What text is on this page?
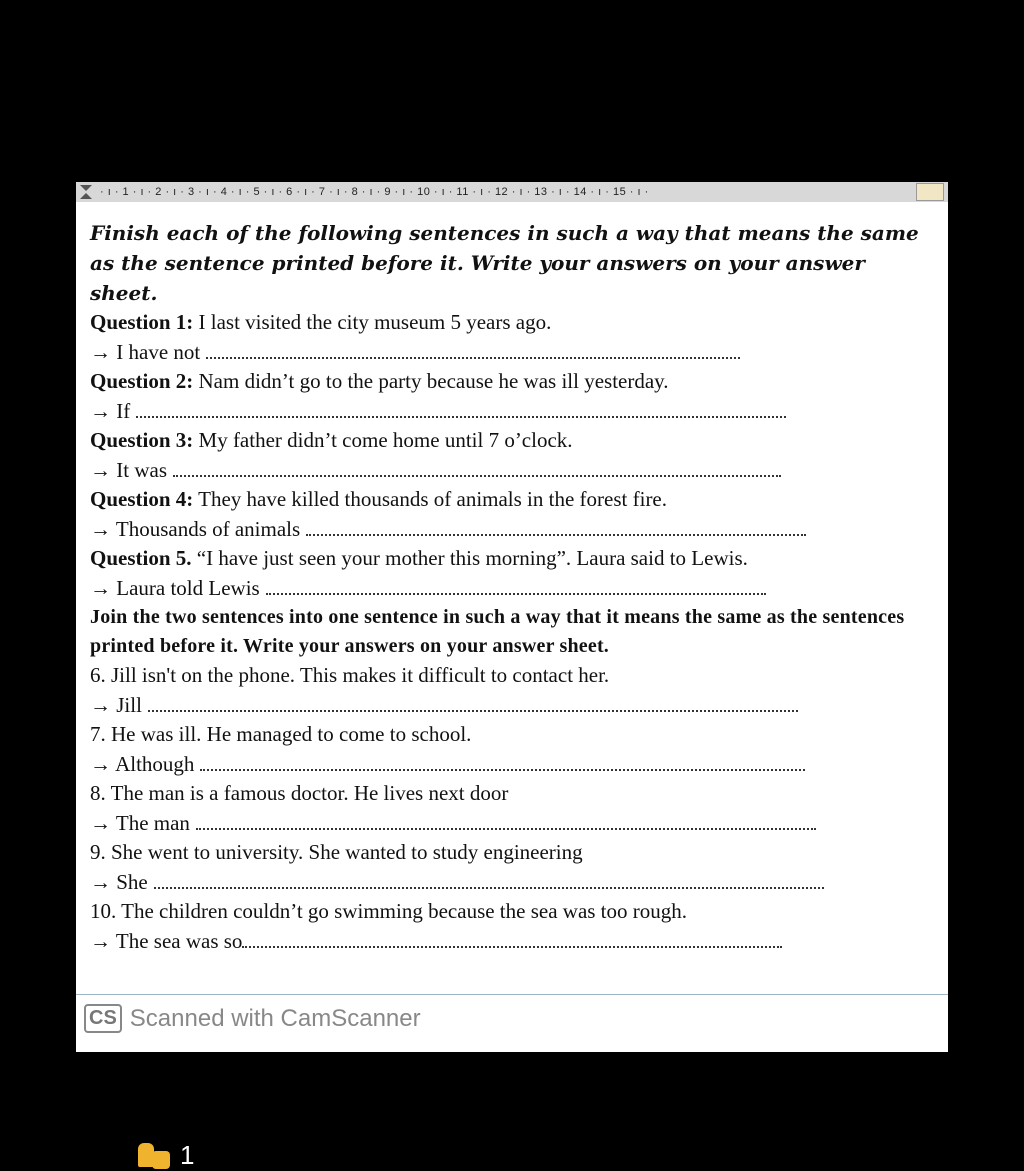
· ı · 1 · ı · 2 · ı · 3 · ı · 4 · ı · 5 · ı · 6 · ı · 7 · ı · 8 · ı · 9 · ı · 10 · ı · 11 · ı · 12 · ı · 13 · ı · 14 · ı · 15 · ı ·

Finish each of the following sentences in such a way that means the same as the sentence printed before it. Write your answers on your answer sheet.

Question 1: I last visited the city museum 5 years ago.

→ I have not

Question 2: Nam didn’t go to the party because he was ill yesterday.

→ If

Question 3: My father didn’t come home until 7 o’clock.

→ It was

Question 4: They have killed thousands of animals in the forest fire.

→ Thousands of animals

Question 5. “I have just seen your mother this morning”. Laura said to Lewis.

→ Laura told Lewis

Join the two sentences into one sentence in such a way that it means the same as the sentences printed before it. Write your answers on your answer sheet.

6. Jill isn't on the phone. This makes it difficult to contact her.

→ Jill

7. He was ill. He managed to come to school.

→ Although

8. The man is a famous doctor. He lives next door

→ The man

9. She went to university. She wanted to study engineering

→ She

10. The children couldn’t go swimming because the sea was too rough.

→ The sea was so
CS Scanned with CamScanner
1
